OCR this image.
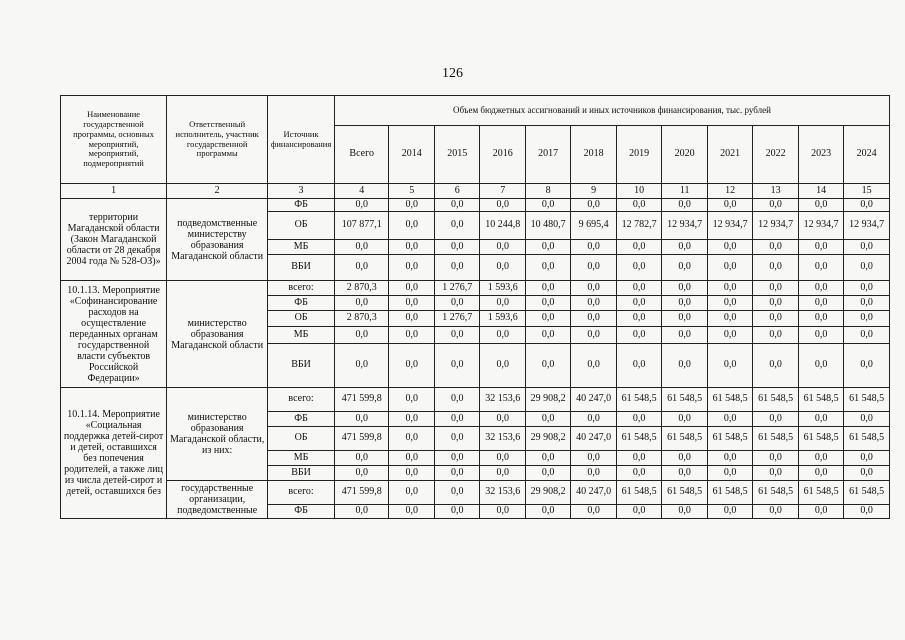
126
Наименование государственной программы, основных мероприятий, мероприятий, подмероприятий	Ответственный исполнитель, участник государственной программы	Источник финансирования	Объем бюджетных ассигнований и иных источников финансирования, тыс. рублей											
			Всего	2014	2015	2016	2017	2018	2019	2020	2021	2022	2023	2024
1	2	3	4	5	6	7	8	9	10	11	12	13	14	15
территории Магаданской области (Закон Магаданской области от 28 декабря 2004 года № 528-ОЗ)»	подведомственные министерству образования Магаданской области	ФБ	0,0	0,0	0,0	0,0	0,0	0,0	0,0	0,0	0,0	0,0	0,0	0,0
		ОБ	107 877,1	0,0	0,0	10 244,8	10 480,7	9 695,4	12 782,7	12 934,7	12 934,7	12 934,7	12 934,7	12 934,7
		МБ	0,0	0,0	0,0	0,0	0,0	0,0	0,0	0,0	0,0	0,0	0,0	0,0
		ВБИ	0,0	0,0	0,0	0,0	0,0	0,0	0,0	0,0	0,0	0,0	0,0	0,0
10.1.13. Мероприятие «Софинансирование расходов на осуществление переданных органам государственной власти субъектов Российской Федерации»	министерство образования Магаданской области	всего:	2 870,3	0,0	1 276,7	1 593,6	0,0	0,0	0,0	0,0	0,0	0,0	0,0	0,0
		ФБ	0,0	0,0	0,0	0,0	0,0	0,0	0,0	0,0	0,0	0,0	0,0	0,0
		ОБ	2 870,3	0,0	1 276,7	1 593,6	0,0	0,0	0,0	0,0	0,0	0,0	0,0	0,0
		МБ	0,0	0,0	0,0	0,0	0,0	0,0	0,0	0,0	0,0	0,0	0,0	0,0
		ВБИ	0,0	0,0	0,0	0,0	0,0	0,0	0,0	0,0	0,0	0,0	0,0	0,0
10.1.14. Мероприятие «Социальная поддержка детей-сирот и детей, оставшихся без попечения родителей, а также лиц из числа детей-сирот и детей, оставшихся без	министерство образования Магаданской области, из них:	всего:	471 599,8	0,0	0,0	32 153,6	29 908,2	40 247,0	61 548,5	61 548,5	61 548,5	61 548,5	61 548,5	61 548,5
		ФБ	0,0	0,0	0,0	0,0	0,0	0,0	0,0	0,0	0,0	0,0	0,0	0,0
		ОБ	471 599,8	0,0	0,0	32 153,6	29 908,2	40 247,0	61 548,5	61 548,5	61 548,5	61 548,5	61 548,5	61 548,5
		МБ	0,0	0,0	0,0	0,0	0,0	0,0	0,0	0,0	0,0	0,0	0,0	0,0
		ВБИ	0,0	0,0	0,0	0,0	0,0	0,0	0,0	0,0	0,0	0,0	0,0	0,0
	государственные организации, подведомственные	всего:	471 599,8	0,0	0,0	32 153,6	29 908,2	40 247,0	61 548,5	61 548,5	61 548,5	61 548,5	61 548,5	61 548,5
		ФБ	0,0	0,0	0,0	0,0	0,0	0,0	0,0	0,0	0,0	0,0	0,0	0,0
